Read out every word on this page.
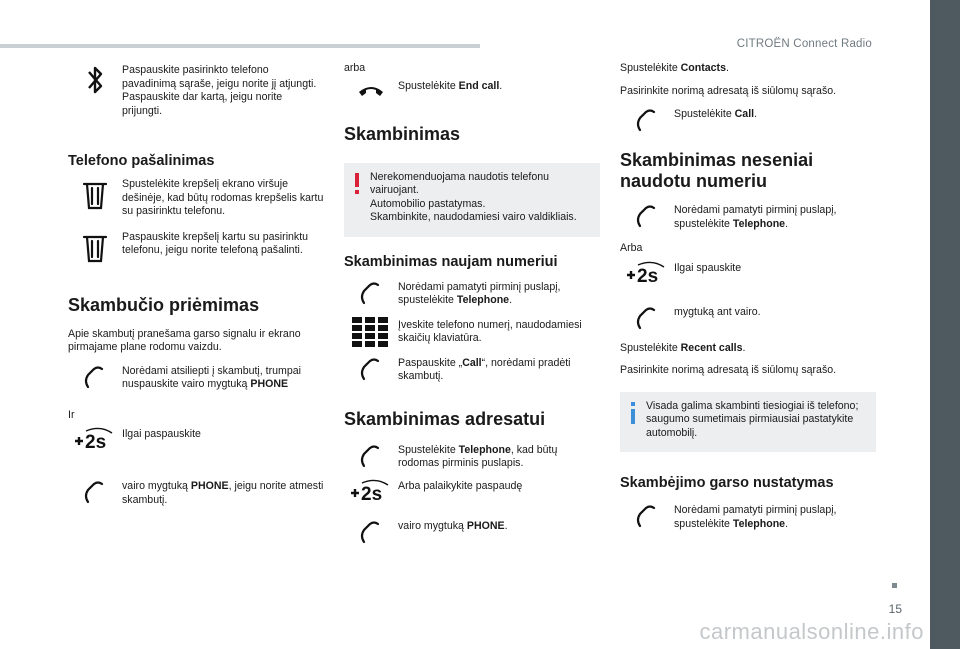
CITROËN Connect Radio
15
carmanualsonline.info
Paspauskite pasirinkto telefono pavadinimą sąraše, jeigu norite jį atjungti.
Paspauskite dar kartą, jeigu norite prijungti.
Telefono pašalinimas
Spustelėkite krepšelį ekrano viršuje dešinėje, kad būtų rodomas krepšelis kartu su pasirinktu telefonu.
Paspauskite krepšelį kartu su pasirinktu telefonu, jeigu norite telefoną pašalinti.
Skambučio priėmimas
Apie skambutį pranešama garso signalu ir ekrano pirmajame plane rodomu vaizdu.
Norėdami atsiliepti į skambutį, trumpai nuspauskite vairo mygtuką PHONE
Ir
2s Ilgai paspauskite
vairo mygtuką PHONE, jeigu norite atmesti skambutį.
arba
Spustelėkite End call.
Skambinimas
Nerekomenduojama naudotis telefonu vairuojant.
Automobilio pastatymas.
Skambinkite, naudodamiesi vairo valdikliais.
Skambinimas naujam numeriui
Norėdami pamatyti pirminį puslapį, spustelėkite Telephone.
Įveskite telefono numerį, naudodamiesi skaičių klaviatūra.
Paspauskite „Call“, norėdami pradėti skambutį.
Skambinimas adresatui
Spustelėkite Telephone, kad būtų rodomas pirminis puslapis.
2s Arba palaikykite paspaudę
vairo mygtuką PHONE.
Spustelėkite Contacts.
Pasirinkite norimą adresatą iš siūlomų sąrašo.
Spustelėkite Call.
Skambinimas neseniai naudotu numeriu
Norėdami pamatyti pirminį puslapį, spustelėkite Telephone.
Arba
2s Ilgai spauskite
mygtuką ant vairo.
Spustelėkite Recent calls.
Pasirinkite norimą adresatą iš siūlomų sąrašo.
Visada galima skambinti tiesiogiai iš telefono; saugumo sumetimais pirmiausiai pastatykite automobilį.
Skambėjimo garso nustatymas
Norėdami pamatyti pirminį puslapį, spustelėkite Telephone.
